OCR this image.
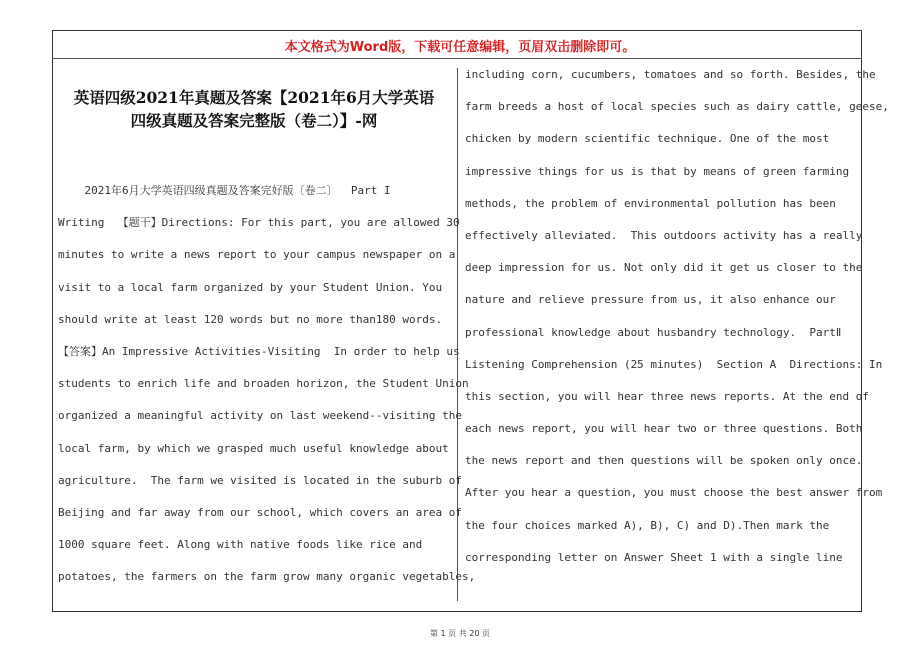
本文格式为Word版，下载可任意编辑，页眉双击删除即可。
英语四级2021年真题及答案【2021年6月大学英语
四级真题及答案完整版（卷二）】-网
2021年6月大学英语四级真题及答案完好版〔卷二〕  Part I
Writing  【题干】Directions: For this part, you are allowed 30
minutes to write a news report to your campus newspaper on a
visit to a local farm organized by your Student Union. You
should write at least 120 words but no more than180 words.
【答案】An Impressive Activities-Visiting  In order to help us
students to enrich life and broaden horizon, the Student Union
organized a meaningful activity on last weekend--visiting the
local farm, by which we grasped much useful knowledge about
agriculture.  The farm we visited is located in the suburb of
Beijing and far away from our school, which covers an area of
1000 square feet. Along with native foods like rice and
potatoes, the farmers on the farm grow many organic vegetables,
including corn, cucumbers, tomatoes and so forth. Besides, the
farm breeds a host of local species such as dairy cattle, geese,
chicken by modern scientific technique. One of the most
impressive things for us is that by means of green farming
methods, the problem of environmental pollution has been
effectively alleviated.  This outdoors activity has a really
deep impression for us. Not only did it get us closer to the
nature and relieve pressure from us, it also enhance our
professional knowledge about husbandry technology.  PartⅡ
Listening Comprehension (25 minutes)  Section A  Directions: In
this section, you will hear three news reports. At the end of
each news report, you will hear two or three questions. Both
the news report and then questions will be spoken only once.
After you hear a question, you must choose the best answer from
the four choices marked A), B), C) and D).Then mark the
corresponding letter on Answer Sheet 1 with a single line
第 1 页 共 20 页
